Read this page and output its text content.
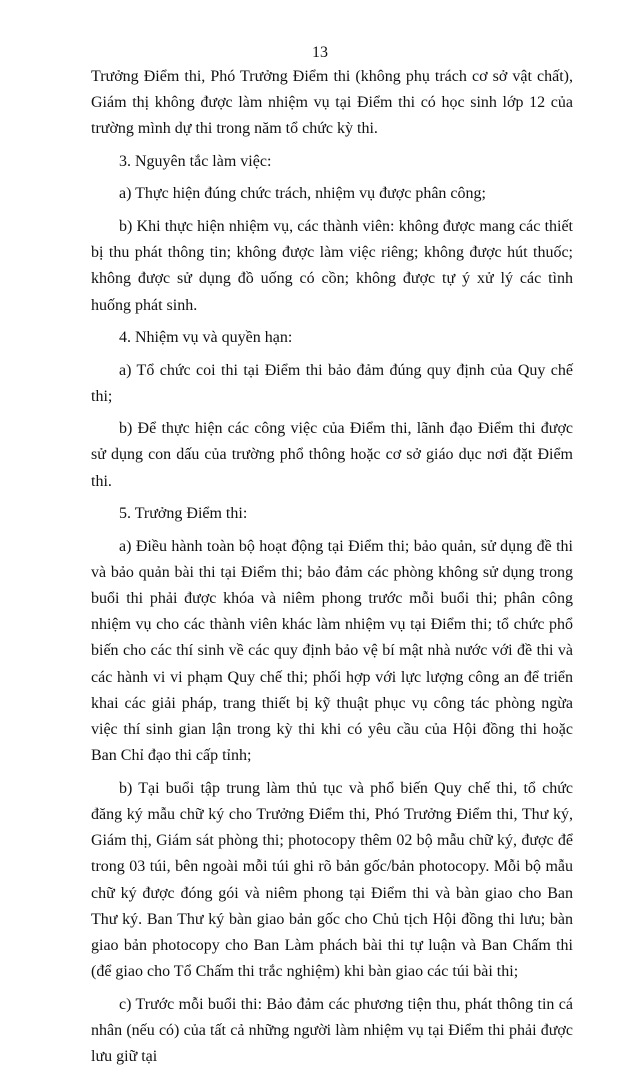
13

Trưởng Điểm thi, Phó Trưởng Điểm thi (không phụ trách cơ sở vật chất), Giám thị không được làm nhiệm vụ tại Điểm thi có học sinh lớp 12 của trường mình dự thi trong năm tổ chức kỳ thi.

3. Nguyên tắc làm việc:

a) Thực hiện đúng chức trách, nhiệm vụ được phân công;

b) Khi thực hiện nhiệm vụ, các thành viên: không được mang các thiết bị thu phát thông tin; không được làm việc riêng; không được hút thuốc; không được sử dụng đồ uống có cồn; không được tự ý xử lý các tình huống phát sinh.

4. Nhiệm vụ và quyền hạn:

a) Tổ chức coi thi tại Điểm thi bảo đảm đúng quy định của Quy chế thi;

b) Để thực hiện các công việc của Điểm thi, lãnh đạo Điểm thi được sử dụng con dấu của trường phổ thông hoặc cơ sở giáo dục nơi đặt Điểm thi.

5. Trưởng Điểm thi:

a) Điều hành toàn bộ hoạt động tại Điểm thi; bảo quản, sử dụng đề thi và bảo quản bài thi tại Điểm thi; bảo đảm các phòng không sử dụng trong buổi thi phải được khóa và niêm phong trước mỗi buổi thi; phân công nhiệm vụ cho các thành viên khác làm nhiệm vụ tại Điểm thi; tổ chức phổ biến cho các thí sinh về các quy định bảo vệ bí mật nhà nước với đề thi và các hành vi vi phạm Quy chế thi; phối hợp với lực lượng công an để triển khai các giải pháp, trang thiết bị kỹ thuật phục vụ công tác phòng ngừa việc thí sinh gian lận trong kỳ thi khi có yêu cầu của Hội đồng thi hoặc Ban Chỉ đạo thi cấp tỉnh;

b) Tại buổi tập trung làm thủ tục và phổ biến Quy chế thi, tổ chức đăng ký mẫu chữ ký cho Trưởng Điểm thi, Phó Trưởng Điểm thi, Thư ký, Giám thị, Giám sát phòng thi; photocopy thêm 02 bộ mẫu chữ ký, được để trong 03 túi, bên ngoài mỗi túi ghi rõ bản gốc/bản photocopy. Mỗi bộ mẫu chữ ký được đóng gói và niêm phong tại Điểm thi và bàn giao cho Ban Thư ký. Ban Thư ký bàn giao bản gốc cho Chủ tịch Hội đồng thi lưu; bàn giao bản photocopy cho Ban Làm phách bài thi tự luận và Ban Chấm thi (để giao cho Tổ Chấm thi trắc nghiệm) khi bàn giao các túi bài thi;

c) Trước mỗi buổi thi: Bảo đảm các phương tiện thu, phát thông tin cá nhân (nếu có) của tất cả những người làm nhiệm vụ tại Điểm thi phải được lưu giữ tại
